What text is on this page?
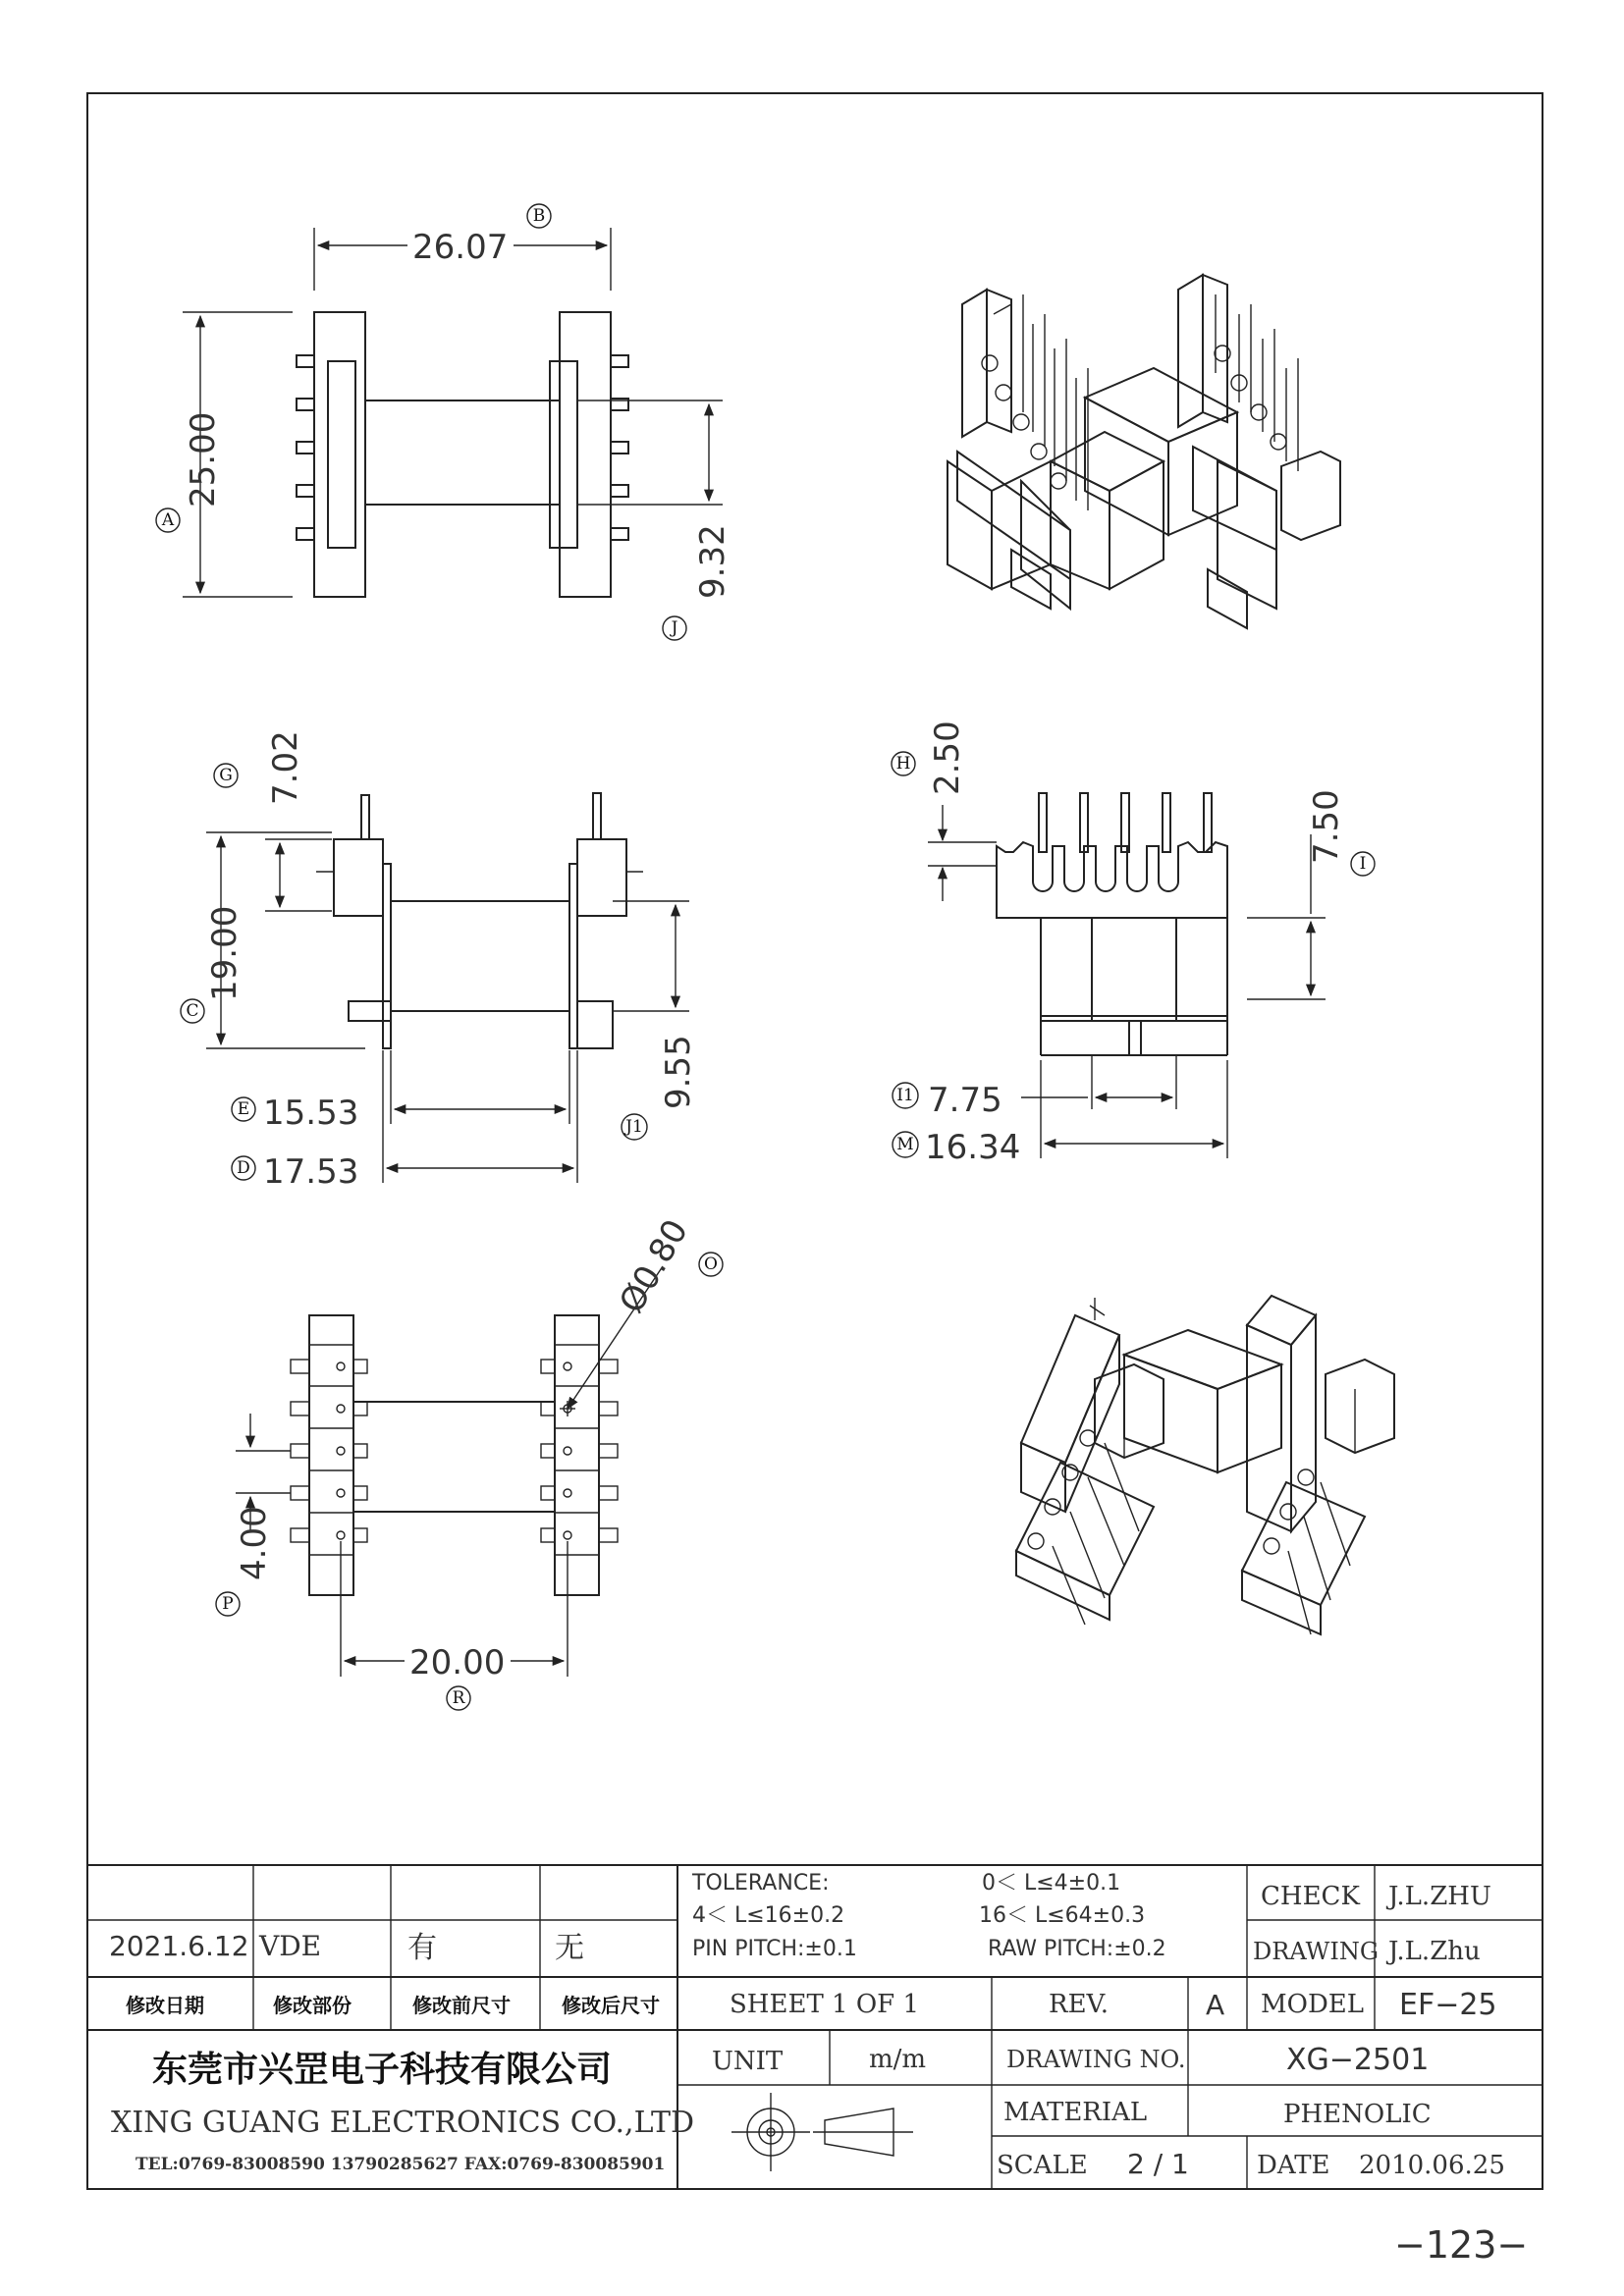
26.07
B
25.00
A
9.32
J
7.02
G
19.00
C
9.55
J1
15.53
E
17.53
D
2.50
H
7.50 I
7.75
I1
16.34
M
Ø0.80 O
4.00
P
20.00
R
2021.6.12 VDE	有	无
修改日期	修改部份	修改前尺寸	修改后尺寸
TOLERANCE:	0＜ L≤4±0.1
4＜ L≤16±0.2	16＜ L≤64±0.3
PIN PITCH:±0.1	RAW PITCH:±0.2
CHECK J.L.ZHU
DRAWING J.L.Zhu
SHEET 1 OF 1	REV.	A MODEL EF−25
UNIT	m/m	DRAWING NO.	XG−2501
MATERIAL	PHENOLIC
SCALE 2 / 1	DATE 2010.06.25
东莞市兴罡电子科技有限公司
XING GUANG ELECTRONICS CO.,LTD
TEL:0769-83008590 13790285627 FAX:0769-830085901
−123−
